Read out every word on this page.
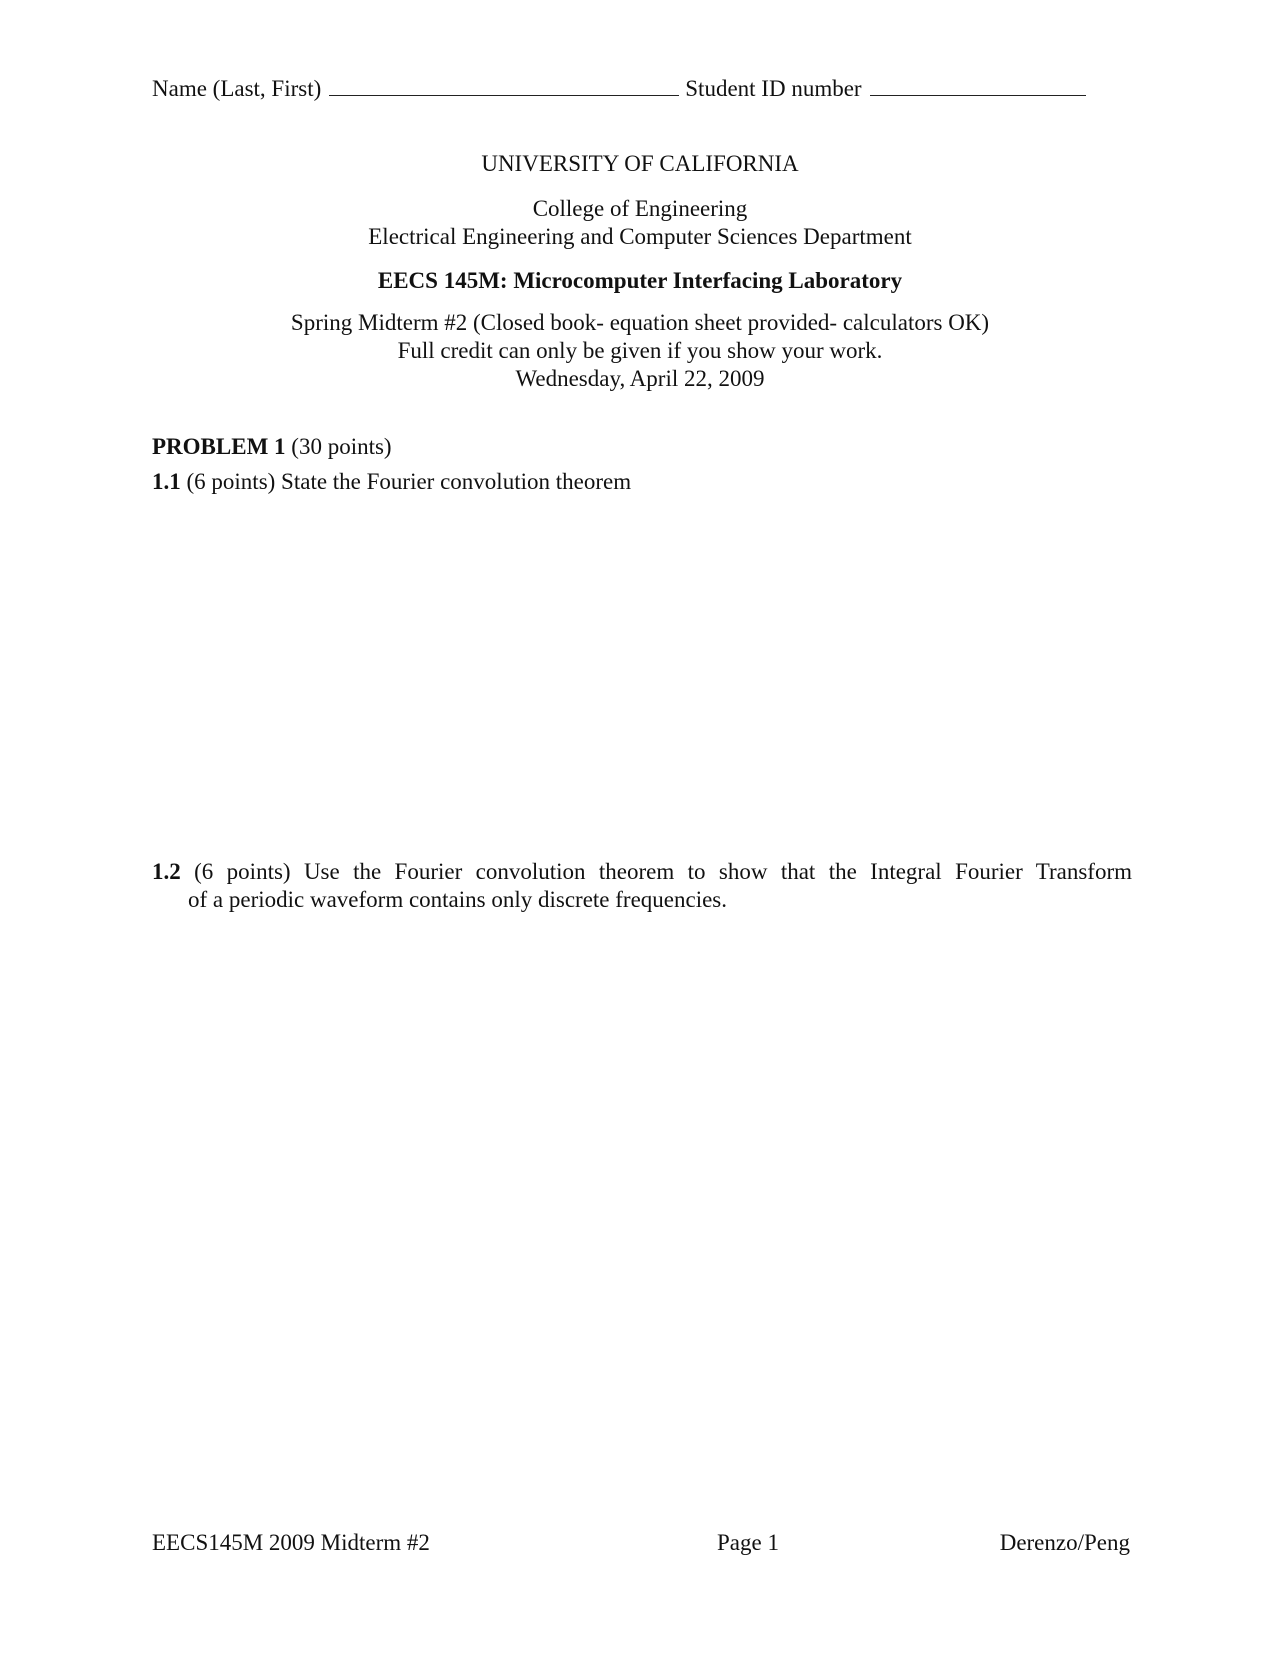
Name (Last, First)	Student ID number
UNIVERSITY OF CALIFORNIA
College of Engineering
Electrical Engineering and Computer Sciences Department
EECS 145M: Microcomputer Interfacing Laboratory
Spring Midterm #2 (Closed book- equation sheet provided- calculators OK)
Full credit can only be given if you show your work.
Wednesday, April 22, 2009
PROBLEM 1 (30 points)
1.1 (6 points) State the Fourier convolution theorem
1.2 (6 points) Use the Fourier convolution theorem to show that the Integral Fourier Transform
of a periodic waveform contains only discrete frequencies.
EECS145M 2009 Midterm #2	Page 1	Derenzo/Peng
